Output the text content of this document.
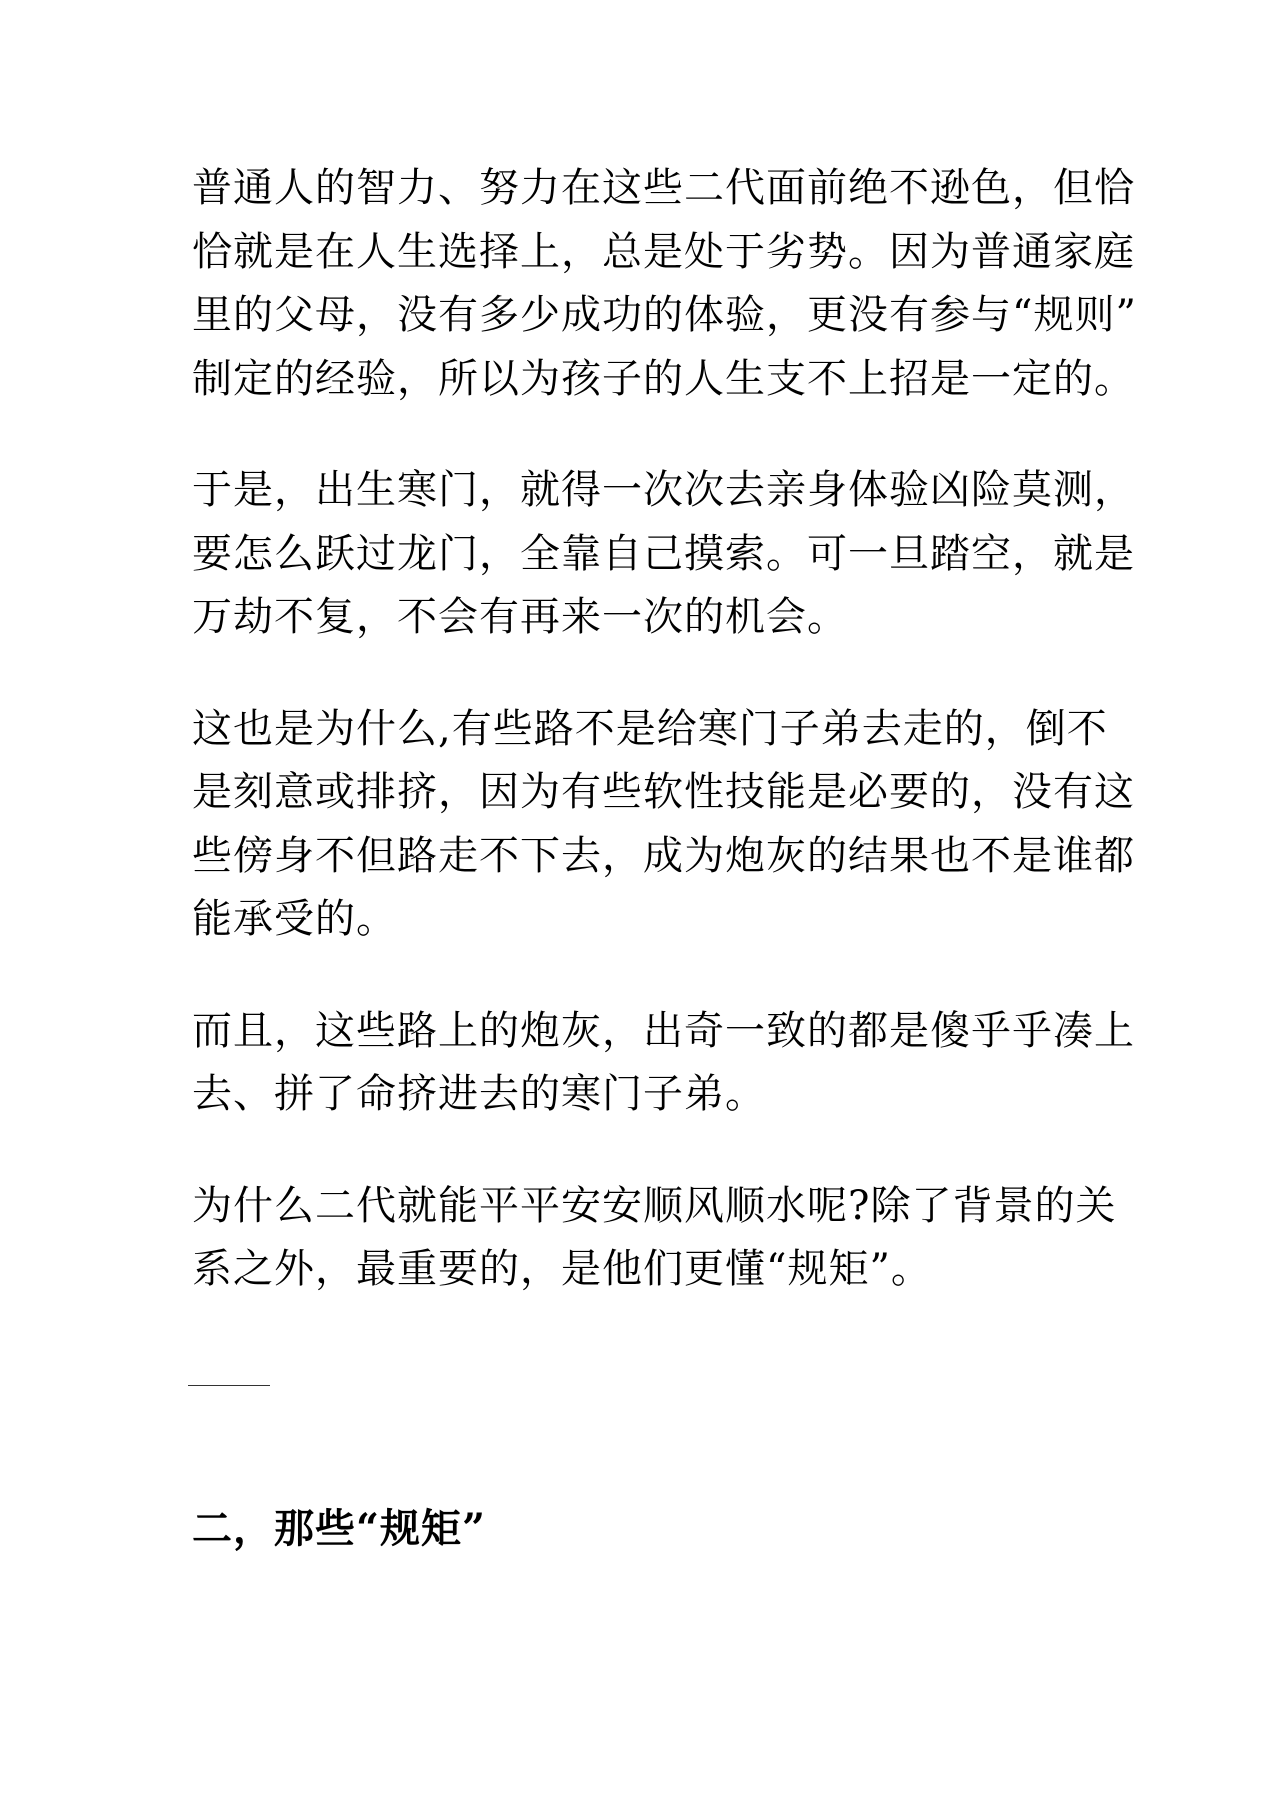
普通人的智力、努力在这些二代面前绝不逊色，但恰
恰就是在人生选择上，总是处于劣势。因为普通家庭
里的父母，没有多少成功的体验，更没有参与“规则”
制定的经验，所以为孩子的人生支不上招是一定的。

于是，出生寒门，就得一次次去亲身体验凶险莫测，
要怎么跃过龙门，全靠自己摸索。可一旦踏空，就是
万劫不复，不会有再来一次的机会。

这也是为什么,有些路不是给寒门子弟去走的，倒不
是刻意或排挤，因为有些软性技能是必要的，没有这
些傍身不但路走不下去，成为炮灰的结果也不是谁都
能承受的。

而且，这些路上的炮灰，出奇一致的都是傻乎乎凑上
去、拼了命挤进去的寒门子弟。

为什么二代就能平平安安顺风顺水呢?除了背景的关
系之外，最重要的，是他们更懂“规矩”。

二，那些“规矩”
